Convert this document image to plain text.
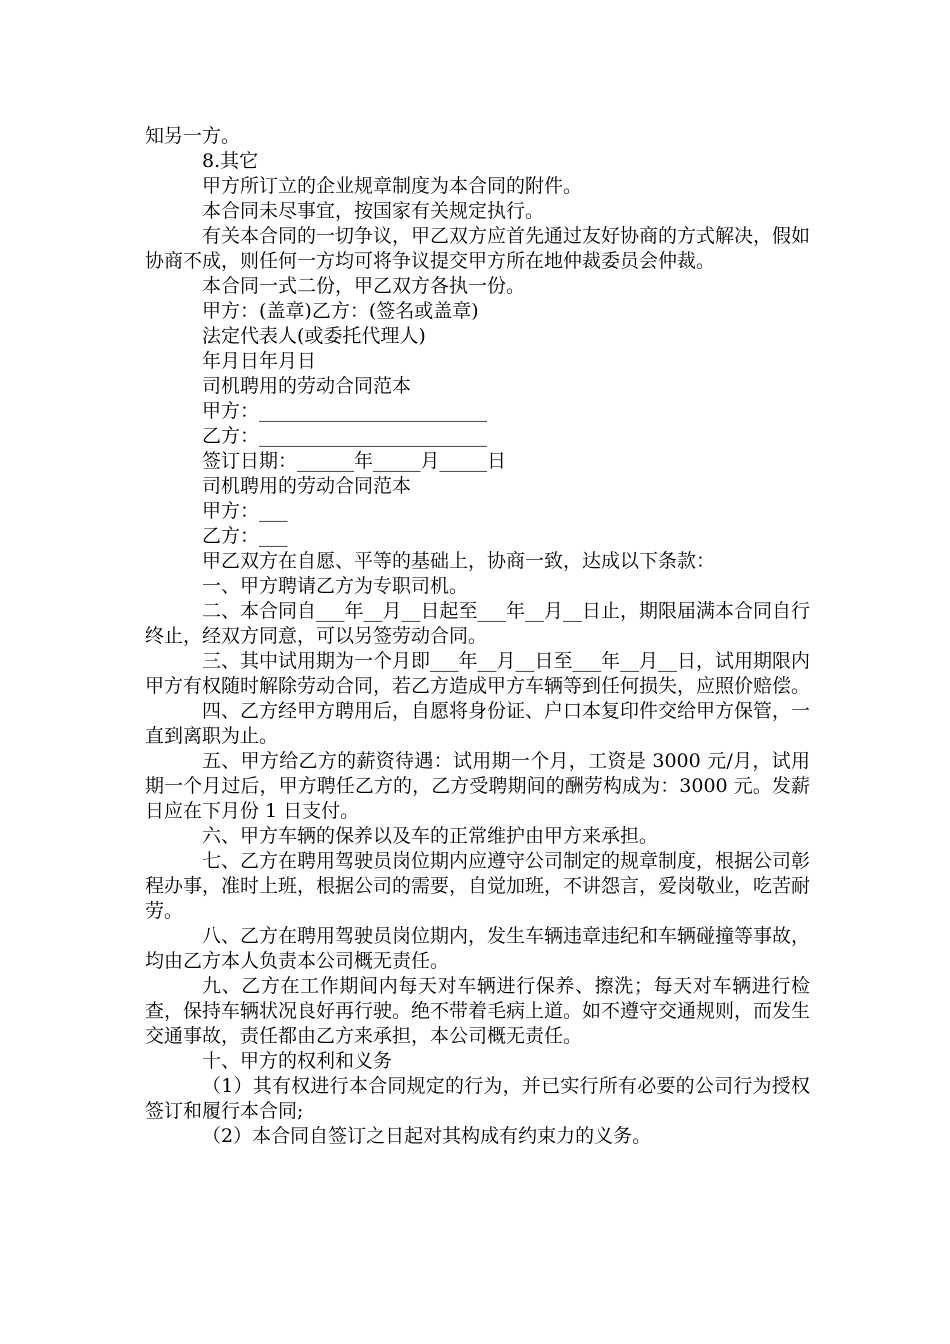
知另一方。

8.其它

甲方所订立的企业规章制度为本合同的附件。

本合同未尽事宜，按国家有关规定执行。

有关本合同的一切争议，甲乙双方应首先通过友好协商的方式解决，假如协商不成，则任何一方均可将争议提交甲方所在地仲裁委员会仲裁。

本合同一式二份，甲乙双方各执一份。

甲方：(盖章)乙方：(签名或盖章)

法定代表人(或委托代理人)

年月日年月日

司机聘用的劳动合同范本

甲方：________________________

乙方：________________________

签订日期：______年_____月_____日

司机聘用的劳动合同范本

甲方：___

乙方：___

甲乙双方在自愿、平等的基础上，协商一致，达成以下条款：

一、甲方聘请乙方为专职司机。

二、本合同自___年__月__日起至___年__月__日止，期限届满本合同自行终止，经双方同意，可以另签劳动合同。

三、其中试用期为一个月即___年__月__日至___年__月__日，试用期限内甲方有权随时解除劳动合同，若乙方造成甲方车辆等到任何损失，应照价赔偿。

四、乙方经甲方聘用后，自愿将身份证、户口本复印件交给甲方保管，一直到离职为止。

五、甲方给乙方的薪资待遇：试用期一个月，工资是 3000 元/月，试用期一个月过后，甲方聘任乙方的，乙方受聘期间的酬劳构成为：3000 元。发薪日应在下月份 1 日支付。

六、甲方车辆的保养以及车的正常维护由甲方来承担。

七、乙方在聘用驾驶员岗位期内应遵守公司制定的规章制度，根据公司彰程办事，准时上班，根据公司的需要，自觉加班，不讲怨言，爱岗敬业，吃苦耐劳。

八、乙方在聘用驾驶员岗位期内，发生车辆违章违纪和车辆碰撞等事故，均由乙方本人负责本公司概无责任。

九、乙方在工作期间内每天对车辆进行保养、擦洗；每天对车辆进行检查，保持车辆状况良好再行驶。绝不带着毛病上道。如不遵守交通规则，而发生交通事故，责任都由乙方来承担，本公司概无责任。

十、甲方的权利和义务

（1）其有权进行本合同规定的行为，并已实行所有必要的公司行为授权签订和履行本合同;

（2）本合同自签订之日起对其构成有约束力的义务。
